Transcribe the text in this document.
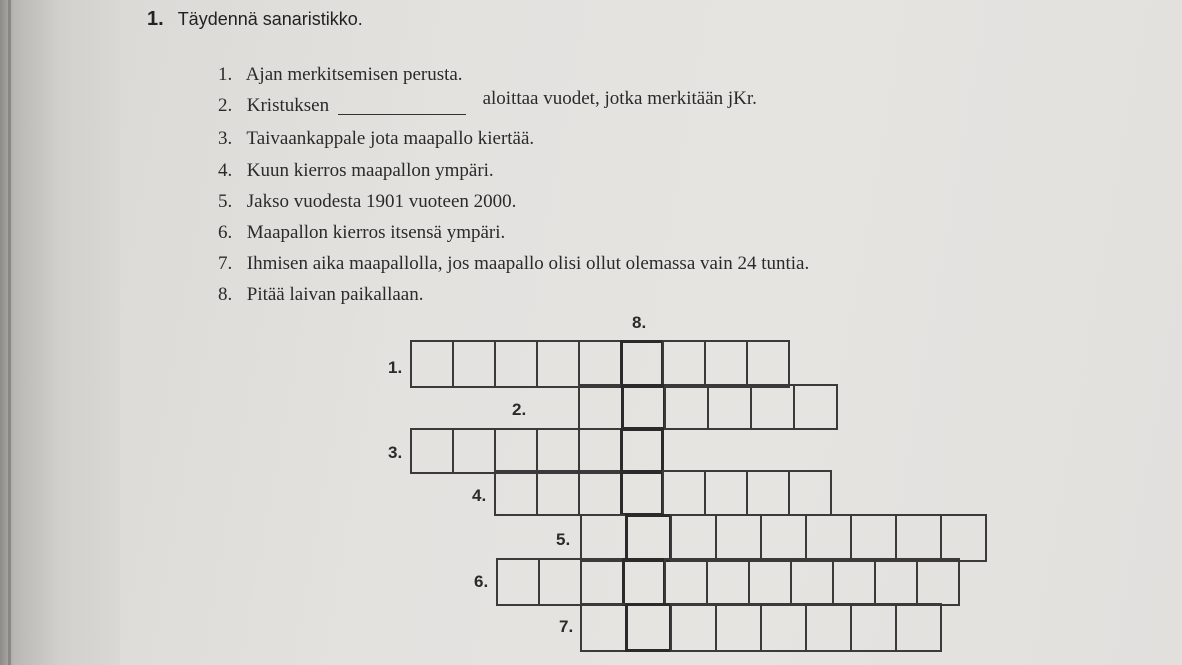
1. Täydennä sanaristikko.
1. Ajan merkitsemisen perusta.
2. Kristuksen	aloittaa vuodet, jotka merkitään jKr.
3. Taivaankappale jota maapallo kiertää.
4. Kuun kierros maapallon ympäri.
5. Jakso vuodesta 1901 vuoteen 2000.
6. Maapallon kierros itsensä ympäri.
7. Ihmisen aika maapallolla, jos maapallo olisi ollut olemassa vain 24 tuntia.
8. Pitää laivan paikallaan.
8.
1.
2.
3.
4.
5.
6.
7.
